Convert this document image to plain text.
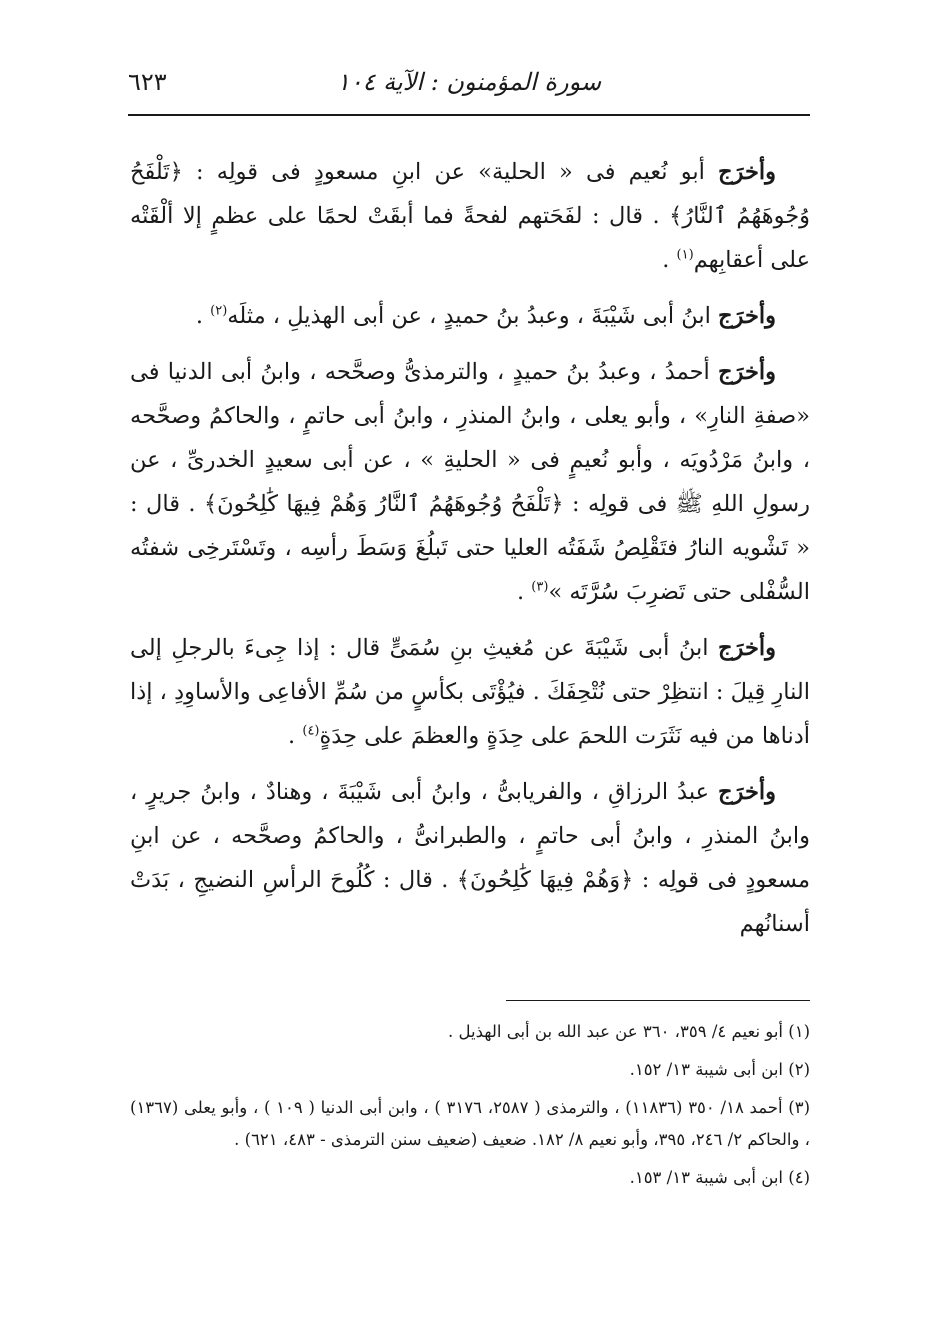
سورة المؤمنون : الآية ١٠٤
٦٢٣

وأخرَج أبو نُعيم فى « الحلية» عن ابنِ مسعودٍ فى قولِه : ﴿تَلْفَحُ وُجُوهَهُمُ ٱلنَّارُ﴾ . قال : لفَحَتهم لفحةً فما أبقَتْ لحمًا على عظمٍ إلا ألْقَتْه على أعقابِهم$^{(١)}$ .

وأخرَج ابنُ أبى شَيْبَةَ ، وعبدُ بنُ حميدٍ ، عن أبى الهذيلِ ، مثلَه$^{(٢)}$ .

وأخرَج أحمدُ ، وعبدُ بنُ حميدٍ ، والترمذىُّ وصحَّحه ، وابنُ أبى الدنيا فى «صفةِ النارِ» ، وأبو يعلى ، وابنُ المنذرِ ، وابنُ أبى حاتمٍ ، والحاكمُ وصحَّحه ، وابنُ مَرْدُويَه ، وأبو نُعيمٍ فى « الحليةِ » ، عن أبى سعيدٍ الخدرىِّ ، عن رسولِ اللهِ ﷺ فى قولِه : ﴿تَلْفَحُ وُجُوهَهُمُ ٱلنَّارُ وَهُمْ فِيهَا كَٰلِحُونَ﴾ . قال : « تَشْويه النارُ فتَقْلِصُ شَفَتُه العليا حتى تَبلُغَ وَسَطَ رأسِه ، وتَسْتَرخِى شفتُه السُّفْلى حتى تَضرِبَ سُرَّتَه »$^{(٣)}$ .

وأخرَج ابنُ أبى شَيْبَةَ عن مُغيثِ بنِ سُمَىٍّ قال : إذا جِىءَ بالرجلِ إلى النارِ قِيلَ : انتظِرْ حتى نُتْحِفَكَ . فيُؤْتَى بكأسٍ من سُمِّ الأفاعِى والأساوِدِ ، إذا أدناها من فيه نَثَرَت اللحمَ على حِدَةٍ والعظمَ على حِدَةٍ$^{(٤)}$ .

وأخرَج عبدُ الرزاقِ ، والفريابىُّ ، وابنُ أبى شَيْبَةَ ، وهنادٌ ، وابنُ جريرٍ ، وابنُ المنذرِ ، وابنُ أبى حاتمٍ ، والطبرانىُّ ، والحاكمُ وصحَّحه ، عن ابنِ مسعودٍ فى قولِه : ﴿وَهُمْ فِيهَا كَٰلِحُونَ﴾ . قال : كُلُوحَ الرأسِ النضيجِ ، بَدَتْ أسنانُهم

(١) أبو نعيم ٤/ ٣٥٩، ٣٦٠ عن عبد الله بن أبى الهذيل .

(٢) ابن أبى شيبة ١٣/ ١٥٢.

(٣) أحمد ١٨/ ٣٥٠ (١١٨٣٦) ، والترمذى ( ٢٥٨٧، ٣١٧٦ ) ، وابن أبى الدنيا ( ١٠٩ ) ، وأبو يعلى (١٣٦٧) ، والحاكم ٢/ ٢٤٦، ٣٩٥، وأبو نعيم ٨/ ١٨٢. ضعيف (ضعيف سنن الترمذى - ٤٨٣، ٦٢١) .

(٤) ابن أبى شيبة ١٣/ ١٥٣.
